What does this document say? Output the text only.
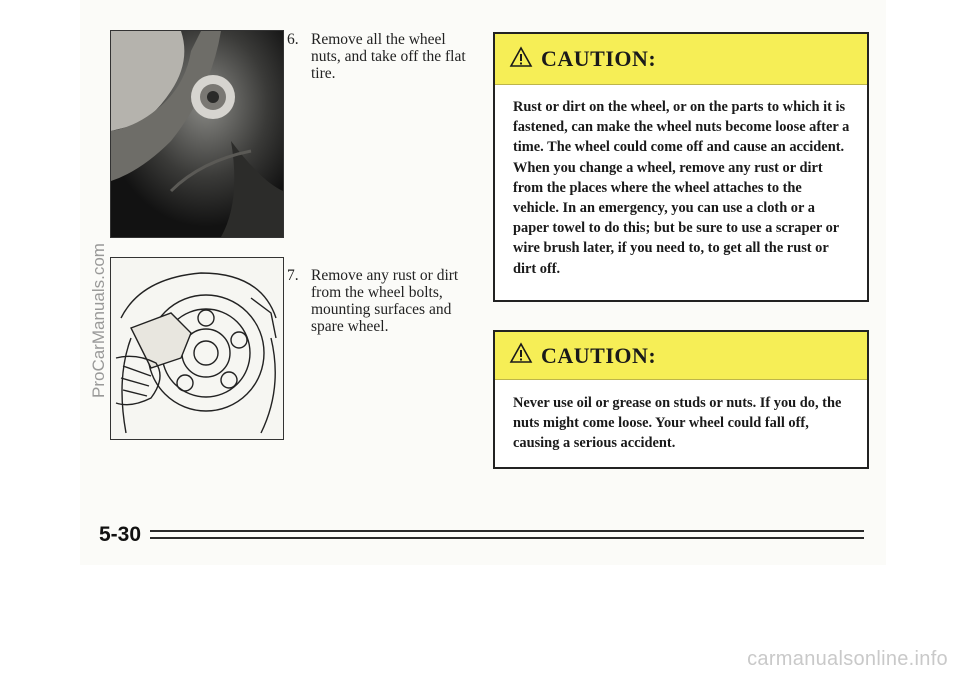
ProCarManuals.com
6. Remove all the wheel nuts, and take off the flat tire.
7. Remove any rust or dirt from the wheel bolts, mounting surfaces and spare wheel.
CAUTION:
Rust or dirt on the wheel, or on the parts to which it is fastened, can make the wheel nuts become loose after a time. The wheel could come off and cause an accident. When you change a wheel, remove any rust or dirt from the places where the wheel attaches to the vehicle. In an emergency, you can use a cloth or a paper towel to do this; but be sure to use a scraper or wire brush later, if you need to, to get all the rust or dirt off.
CAUTION:
Never use oil or grease on studs or nuts. If you do, the nuts might come loose. Your wheel could fall off, causing a serious accident.
5-30
carmanualsonline.info
